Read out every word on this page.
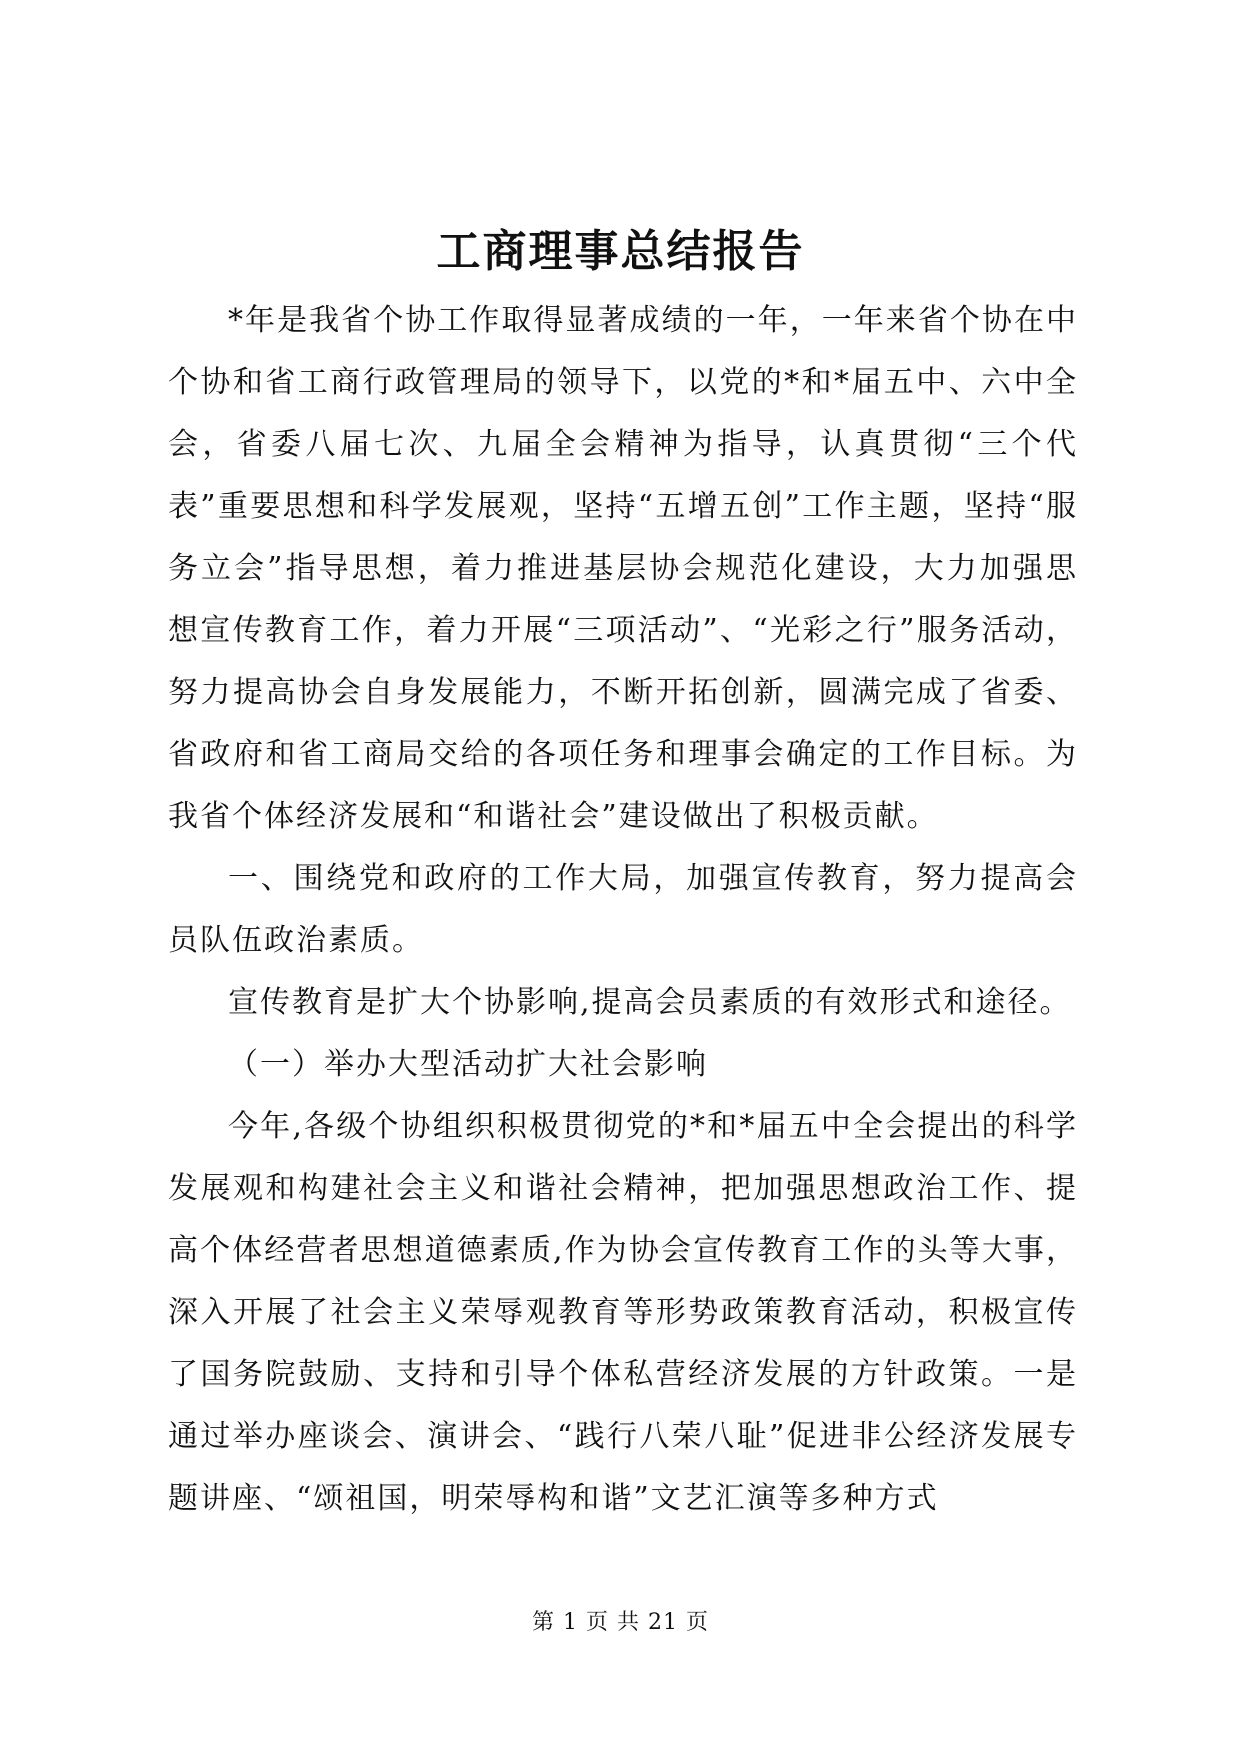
工商理事总结报告

*年是我省个协工作取得显著成绩的一年，一年来省个协在中个协和省工商行政管理局的领导下，以党的*和*届五中、六中全会，省委八届七次、九届全会精神为指导，认真贯彻“三个代表”重要思想和科学发展观，坚持“五增五创”工作主题，坚持“服务立会”指导思想，着力推进基层协会规范化建设，大力加强思想宣传教育工作，着力开展“三项活动”、“光彩之行”服务活动，努力提高协会自身发展能力，不断开拓创新，圆满完成了省委、省政府和省工商局交给的各项任务和理事会确定的工作目标。为我省个体经济发展和“和谐社会”建设做出了积极贡献。

一、围绕党和政府的工作大局，加强宣传教育，努力提高会员队伍政治素质。

宣传教育是扩大个协影响,提高会员素质的有效形式和途径。

（一）举办大型活动扩大社会影响

今年,各级个协组织积极贯彻党的*和*届五中全会提出的科学发展观和构建社会主义和谐社会精神，把加强思想政治工作、提高个体经营者思想道德素质,作为协会宣传教育工作的头等大事，深入开展了社会主义荣辱观教育等形势政策教育活动，积极宣传了国务院鼓励、支持和引导个体私营经济发展的方针政策。一是通过举办座谈会、演讲会、“践行八荣八耻”促进非公经济发展专题讲座、“颂祖国，明荣辱构和谐”文艺汇演等多种方式

第 1 页 共 21 页
